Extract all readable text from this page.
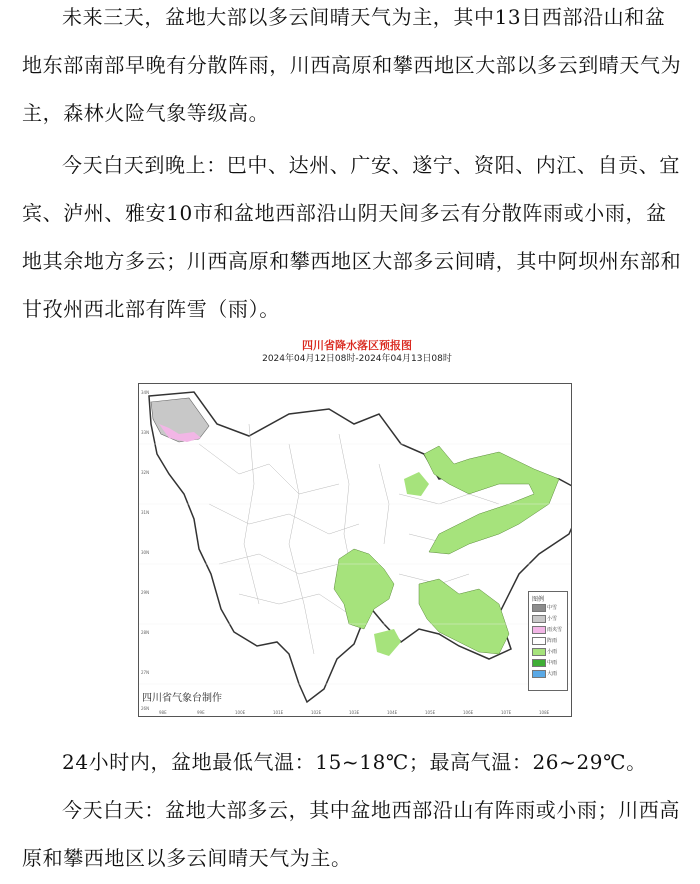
未来三天，盆地大部以多云间晴天气为主，其中13日西部沿山和盆地东部南部早晚有分散阵雨，川西高原和攀西地区大部以多云到晴天气为主，森林火险气象等级高。

今天白天到晚上：巴中、达州、广安、遂宁、资阳、内江、自贡、宜宾、泸州、雅安10市和盆地西部沿山阴天间多云有分散阵雨或小雨，盆地其余地方多云；川西高原和攀西地区大部多云间晴，其中阿坝州东部和甘孜州西北部有阵雪（雨）。

四川省降水落区预报图
2024年04月12日08时-2024年04月13日08时
34N
33N
32N
31N
30N
29N
28N
27N
26N
98E	99E	100E	101E	102E	103E	104E	105E	106E	107E	108E
图例
中雪
小雪
雨夹雪
阵雨
小雨
中雨
大雨
四川省气象台制作

24小时内，盆地最低气温：15~18℃；最高气温：26~29℃。

今天白天：盆地大部多云，其中盆地西部沿山有阵雨或小雨；川西高原和攀西地区以多云间晴天气为主。
